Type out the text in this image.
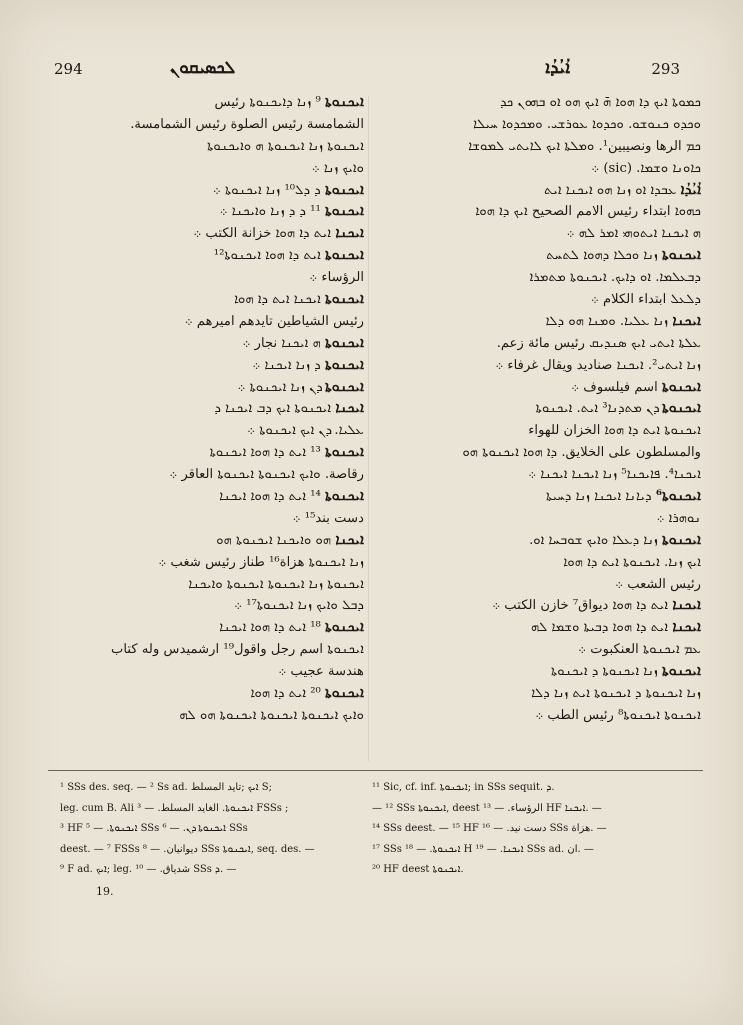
294	ܠܟܣܝܩܘܢ	ܐܳܝܳܕܳܐ	293
ܟܡܘܬܐ ܐܝܟ ܕܐ ܗܘܐ ܗ̄ ܐܝܟ ܗܘ ܐܘ ܒܗܘܢ ܟܕ
ܘܟܕܘ ܟܢܘܫܘ. ܘܟܕܘܐ ܥܘܪܫܝ. ܘܡܟܕܘܐ ܚܝܠܐ
ܟܡ الرها ونصيبين¹. ܘܡܠܬܐ ܐܝܟ ܠܐܝܬܝ ܠܡܘܫܐ
ܟܐܘܢܐ ܘܫܡܐ. (sic) ܀
ܐܳܝܳܕܳܐ ܥܒܕܐ ܐܘ ܙܢܐ ܗܘ ܐܝܟܢܐ ܐܝܬ
ܟܗܘܐ ابتداء رئيس الامم الصحيح ܐܝܟ ܕܐ ܗܘܐ
ܗ ܐܝܟܢܐ ܐܝܬܘܗܝ ܐܡܪ ܠܗ ܀
ܐܝܟܢܘܬܐ ܙܢܐ ܘܟܠܐ ܕܗܘܐ ܠܬܚܬ
ܕܒܥܠܡܐ. ܐܘ ܕܐܝܟ. ܐܝܟܢܘܬܐ ܡܬܡܪܐ
ܕܠܥܠ ابتداء الكلام ܀
ܐܝܟܢܐ ܙܢܐ ܥܠܝܐ. ܘܡܢܐ ܗܘ ܕܠܐ
ܥܠܬܐ ܐܝܬܝ ܐܝܟ ܣܢܕܝܩ رئيس مائة زعم.
ܙܢܐ ܐܝܬܝ². ܐܝܟܢܐ صناديد ويقال غرفاء ܀
ܐܝܟܢܘܬܐ اسم فيلسوف ܀
ܐܝܟܢܘܬܐ ܕܢ ܡܬܕܢܐ³ ܐܝܬ. ܐܝܟܢܘܬܐ
ܐܝܟܢܘܬܐ ܐܝܬ ܕܐ ܗܘܐ الخزان للهواء
والمسلطون على الخلايق. ܕܐ ܗܘܐ ܐܝܟܢܘܬܐ ܗܘ
ܐܝܟܢܐ⁴. ܦܐܝܟܢܐ⁵ ܙܢܐ ܐܝܟܢܐ ܐܝܟܢܐ ܀
ܐܝܟܢܘܬܐ⁶ ܕܝܐܢܐ ܐܝܟܢܐ ܙܢܐ ܕܚܝܬܐ
ܢܘܗܪܐ ܀
ܐܝܟܢܘܬܐ ܙܢܐ ܕܥܠܐ ܘܐܝܟ ܫܘܒܚܐ ܐܘ.
ܐܝܟ ܙܢܐ. ܐܝܟܢܘܬܐ ܐܝܬ ܕܐ ܗܘܐ
رئيس الشعب ܀
ܐܝܟܢܐ ܐܝܬ ܕܐ ܗܘܐ ديواق⁷ خازن الكتب ܀
ܐܝܟܢܐ ܐܝܬ ܕܐ ܗܘܐ ܕܒܝܬܐ ܘܫܡܐ ܠܗ
ܥܡ ܐܝܟܢܘܬܐ العنكبوت ܀
ܐܝܟܢܘܬܐ ܙܢܐ ܐܝܟܢܘܬܐ ܕ ܐܝܟܢܘܬܐ
ܙܢܐ ܐܝܟܢܘܬܐ ܕ ܐܝܟܢܘܬܐ ܐܝܬ ܙܢܐ ܕܠܐ
ܐܝܟܢܘܬܐ ܐܝܟܢܘܬܐ⁸ رئيس الطب ܀
ܐܝܟܢܘܬܐ ⁹ ܙܢܐ ܕܐܝܟܢܘܬܐ رئيس
الشمامسة رئيس الصلوة رئيس الشمامسة.
ܐܝܟܢܘܬܐ ܙܢܐ ܐܝܟܢܘܬܐ ܗ ܘܐܝܟܢܘܬܐ
ܘܐܝܟ ܙܢܐ ܀
ܐܝܟܢܘܬܐ ܕ ܕܠ¹⁰ ܙܢܐ ܐܝܟܢܘܬܐ ܀
ܐܝܟܢܘܬܐ ¹¹ ܕ ܕ ܙܢܐ ܘܐܝܟܢܐ ܀
ܐܝܟܢܐ ܐܝܬ ܕܐ ܗܘܐ خزانة الكتب ܀
ܐܝܟܢܘܬܐ ܐܝܬ ܕܐ ܗܘܐ ܐܝܟܢܘܬܐ¹²
الرؤساء ܀
ܐܝܟܢܘܬܐ ܐܝܟܢܐ ܐܝܬ ܕܐ ܗܘܐ
رئيس الشياطين تايدهم اميرهم ܀
ܐܝܟܢܘܬܐ ܗ ܐܝܟܢܐ نجار ܀
ܐܝܟܢܘܬܐ ܕ ܙܢܐ ܐܝܟܢܐ ܀
ܐܝܟܢܘܬܐ ܕܢ ܙܢܐ ܐܝܟܢܘܬܐ ܀
ܐܝܟܢܐ ܐܝܟܢܘܬܐ ܐܝܟ ܕܒ ܐܝܟܢܐ ܕ
ܥܠܝܐ. ܕܢ ܐܝܟ ܐܝܟܢܘܬܐ ܀
ܐܝܟܢܘܬܐ ¹³ ܐܝܬ ܕܐ ܗܘܐ ܐܝܟܢܘܬܐ
رقاصة. ܘܐܝܟ ܐܝܟܢܘܬܐ ܐܝܟܢܘܬܐ العاقر ܀
ܐܝܟܢܘܬܐ ¹⁴ ܐܝܬ ܕܐ ܗܘܐ ܐܝܟܢܐ
دست بند¹⁵ ܀
ܐܝܟܢܐ ܗܘ ܘܐܝܟܢܐ ܐܝܟܢܘܬܐ ܗܘ
ܙܢܐ ܐܝܟܢܘܬܐ هزاة¹⁶ طناز رئيس شغب ܀
ܐܝܟܢܘܬܐ ܙܢܐ ܐܝܟܢܘܬܐ ܐܝܟܢܘܬܐ ܘܐܝܟܢܐ
ܕܒܠ ܘܐܝܟ ܙܢܐ ܐܝܟܢܘܬܐ¹⁷ ܀
ܐܝܟܢܘܬܐ ¹⁸ ܐܝܬ ܕܐ ܗܘܐ ܐܝܟܢܐ
ܐܝܟܢܘܬܐ اسم رجل واقول¹⁹ ارشميدس وله كتاب
هندسة عجيب ܀
ܐܝܟܢܘܬܐ ²⁰ ܐܝܬ ܕܐ ܗܘܐ
ܘܐܝܟ ܐܝܟܢܘܬܐ ܐܝܟܢܘܬܐ ܐܝܟܢܘܬܐ ܗܘ ܠܗ
¹ SSs des. seq. — ² Ss ad. ܐܝܟ ;تايد المسلط S;
leg. cum B. Ali ܐܝܟܢܘܬܐ. الغايد المسلط. — ³ FSSs ;
³ HF ܐܝܟܢܘܬܐ. — ⁵ SSs ܐܝܟܢܘܬܐ ܕܢ. — ⁶ SSs
deest. — ⁷ FSSs ديوانيان. — ⁸ SSs ܐܝܟܢܘܬܐ, seq. des. —
⁹ F ad. ܐܝܟ; leg. شدياق. — ¹⁰ SSs ܕ. —
¹¹ Sic, cf. inf. ܐܝܟܢܘܬܐ; in SSs sequit. ܕ.
— ¹² SSs ܐܝܟܢܘܬܐ, deest الرؤساء. — ¹³ HF ܐܝܟܢܐ. —
¹⁴ SSs deest. — ¹⁵ HF دست نيد. — ¹⁶ SSs هزاة. —
¹⁷ SSs ܐܝܟܢܘܬܐ. — ¹⁸ H ܐܝܟܢܐ. — ¹⁹ SSs ad. ان. —
²⁰ HF deest ܐܝܟܢܘܬܐ.
19.
